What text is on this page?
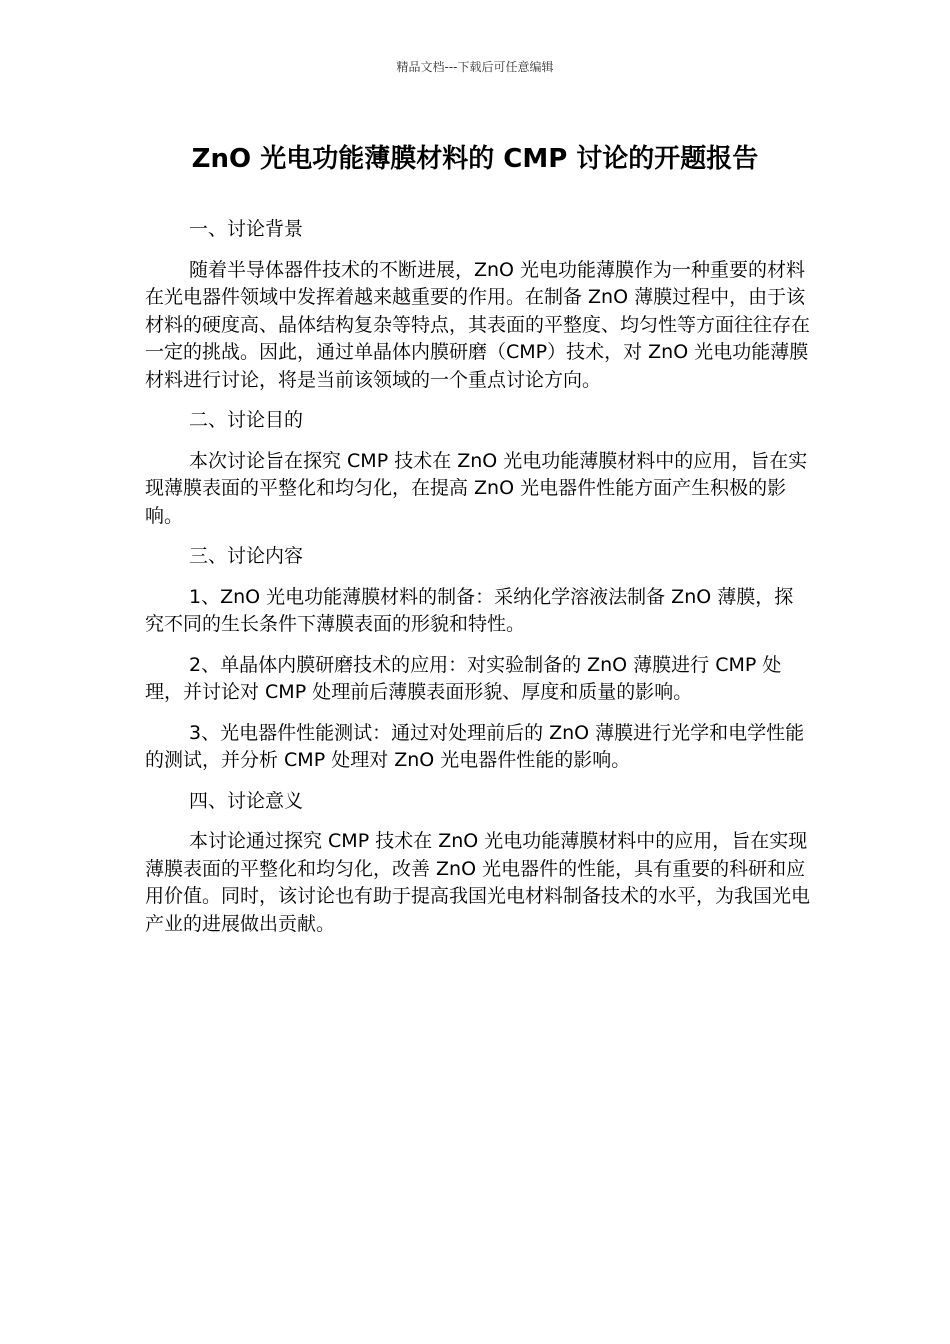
精品文档---下载后可任意编辑
ZnO 光电功能薄膜材料的 CMP 讨论的开题报告

一、讨论背景

随着半导体器件技术的不断进展，ZnO 光电功能薄膜作为一种重要的材料在光电器件领域中发挥着越来越重要的作用。在制备 ZnO 薄膜过程中，由于该材料的硬度高、晶体结构复杂等特点，其表面的平整度、均匀性等方面往往存在一定的挑战。因此，通过单晶体内膜研磨（CMP）技术，对 ZnO 光电功能薄膜材料进行讨论，将是当前该领域的一个重点讨论方向。

二、讨论目的

本次讨论旨在探究 CMP 技术在 ZnO 光电功能薄膜材料中的应用，旨在实现薄膜表面的平整化和均匀化，在提高 ZnO 光电器件性能方面产生积极的影响。

三、讨论内容

1、ZnO 光电功能薄膜材料的制备：采纳化学溶液法制备 ZnO 薄膜，探究不同的生长条件下薄膜表面的形貌和特性。

2、单晶体内膜研磨技术的应用：对实验制备的 ZnO 薄膜进行 CMP 处理，并讨论对 CMP 处理前后薄膜表面形貌、厚度和质量的影响。

3、光电器件性能测试：通过对处理前后的 ZnO 薄膜进行光学和电学性能的测试，并分析 CMP 处理对 ZnO 光电器件性能的影响。

四、讨论意义

本讨论通过探究 CMP 技术在 ZnO 光电功能薄膜材料中的应用，旨在实现薄膜表面的平整化和均匀化，改善 ZnO 光电器件的性能，具有重要的科研和应用价值。同时，该讨论也有助于提高我国光电材料制备技术的水平，为我国光电产业的进展做出贡献。
